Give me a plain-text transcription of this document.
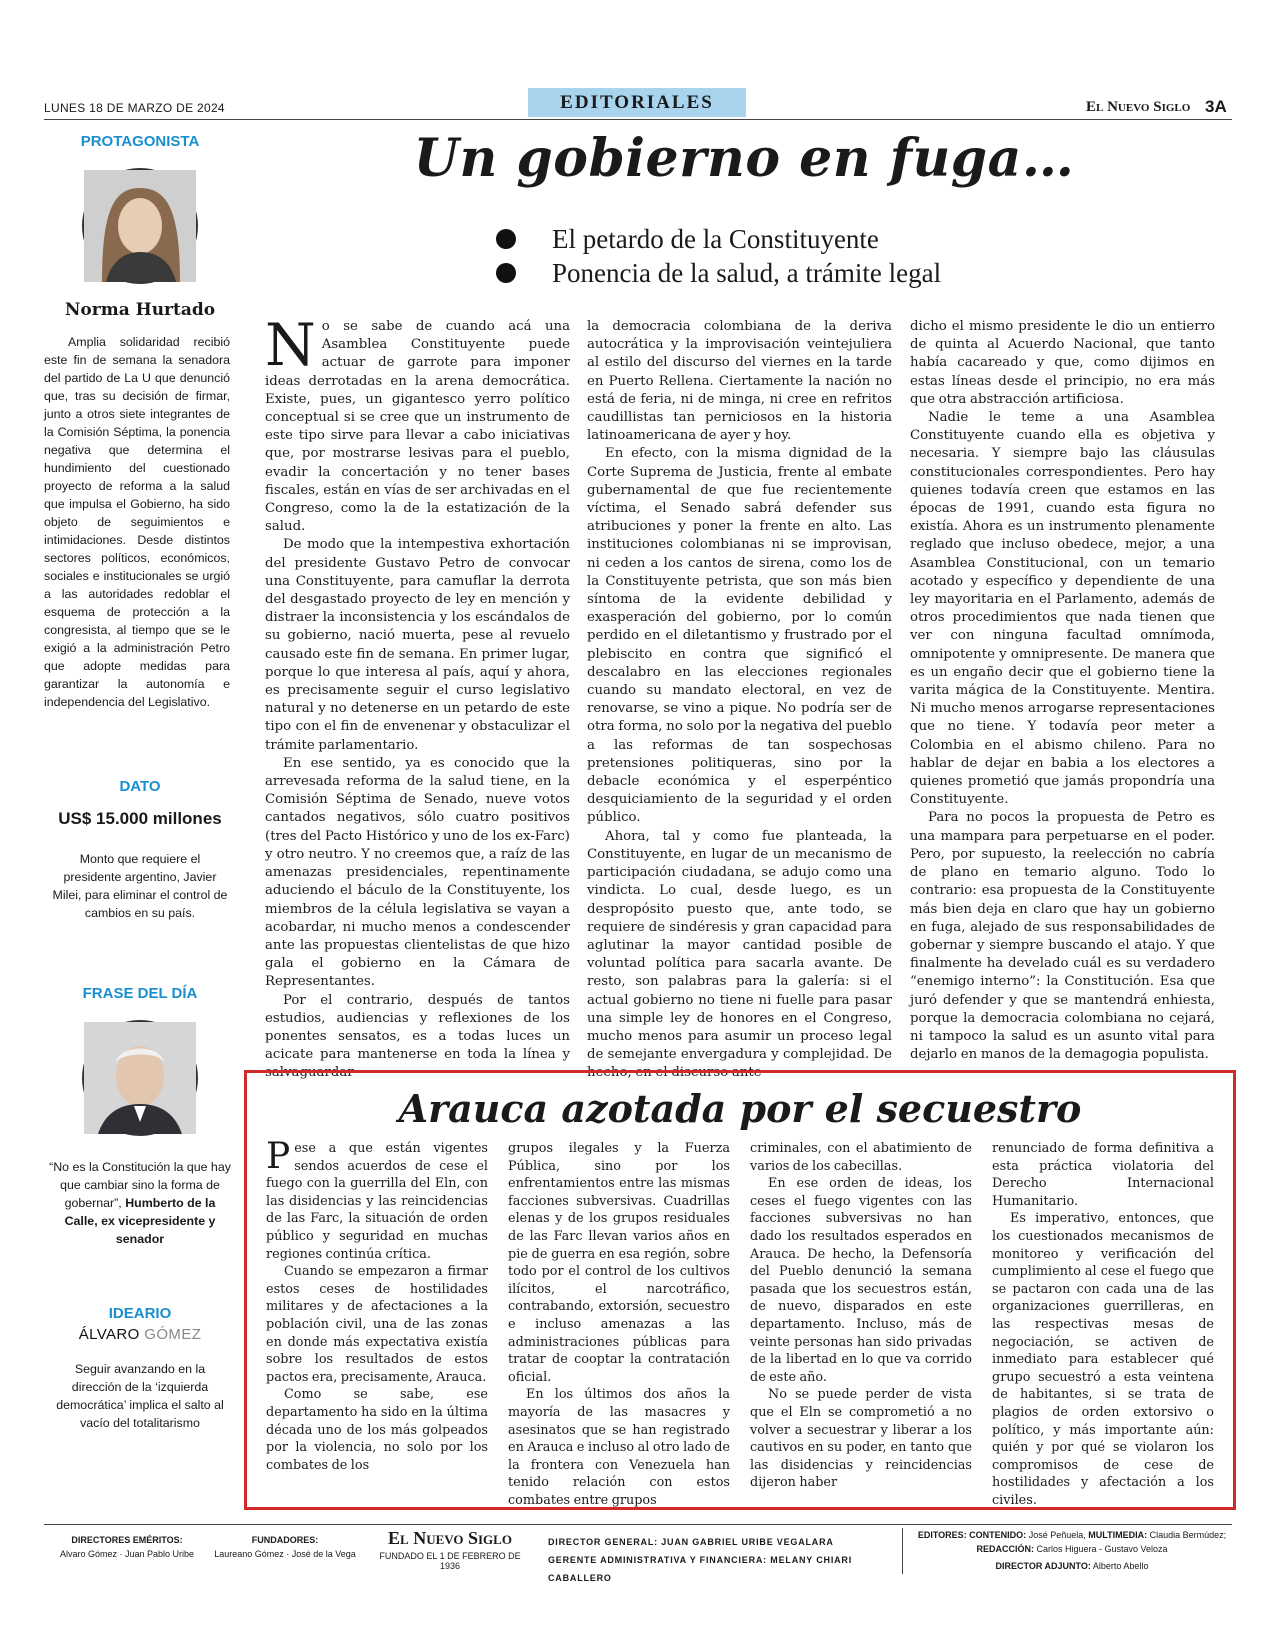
LUNES 18 DE MARZO DE 2024	EDITORIALES	El Nuevo Siglo 3A
PROTAGONISTA
Norma Hurtado
Amplia solidaridad recibió este fin de semana la senadora del partido de La U que denunció que, tras su decisión de firmar, junto a otros siete integrantes de la Comisión Séptima, la ponencia negativa que determina el hundimiento del cuestionado proyecto de reforma a la salud que impulsa el Gobierno, ha sido objeto de seguimientos e intimidaciones. Desde distintos sectores políticos, económicos, sociales e institucionales se urgió a las autoridades redoblar el esquema de protección a la congresista, al tiempo que se le exigió a la administración Petro que adopte medidas para garantizar la autonomía e independencia del Legislativo.
DATO
US$ 15.000 millones
Monto que requiere el presidente argentino, Javier Milei, para eliminar el control de cambios en su país.
FRASE DEL DÍA
“No es la Constitución la que hay que cambiar sino la forma de gobernar”, Humberto de la Calle, ex vicepresidente y senador
IDEARIO
ÁLVARO GÓMEZ
Seguir avanzando en la dirección de la ‘izquierda democrática’ implica el salto al vacío del totalitarismo
Un gobierno en fuga…
El petardo de la Constituyente
Ponencia de la salud, a trámite legal

No se sabe de cuando acá una Asamblea Constituyente puede actuar de garrote para imponer ideas derrotadas en la arena democrática. Existe, pues, un gigantesco yerro político conceptual si se cree que un instrumento de este tipo sirve para llevar a cabo iniciativas que, por mostrarse lesivas para el pueblo, evadir la concertación y no tener bases fiscales, están en vías de ser archivadas en el Congreso, como la de la estatización de la salud.

De modo que la intempestiva exhortación del presidente Gustavo Petro de convocar una Constituyente, para camuflar la derrota del desgastado proyecto de ley en mención y distraer la inconsistencia y los escándalos de su gobierno, nació muerta, pese al revuelo causado este fin de semana. En primer lugar, porque lo que interesa al país, aquí y ahora, es precisamente seguir el curso legislativo natural y no detenerse en un petardo de este tipo con el fin de envenenar y obstaculizar el trámite parlamentario.

En ese sentido, ya es conocido que la arrevesada reforma de la salud tiene, en la Comisión Séptima de Senado, nueve votos cantados negativos, sólo cuatro positivos (tres del Pacto Histórico y uno de los ex-Farc) y otro neutro. Y no creemos que, a raíz de las amenazas presidenciales, repentinamente aduciendo el báculo de la Constituyente, los miembros de la célula legislativa se vayan a acobardar, ni mucho menos a condescender ante las propuestas clientelistas de que hizo gala el gobierno en la Cámara de Representantes.

Por el contrario, después de tantos estudios, audiencias y reflexiones de los ponentes sensatos, es a todas luces un acicate para mantenerse en toda la línea y salvaguardar

la democracia colombiana de la deriva autocrática y la improvisación veintejuliera al estilo del discurso del viernes en la tarde en Puerto Rellena. Ciertamente la nación no está de feria, ni de minga, ni cree en refritos caudillistas tan perniciosos en la historia latinoamericana de ayer y hoy.

En efecto, con la misma dignidad de la Corte Suprema de Justicia, frente al embate gubernamental de que fue recientemente víctima, el Senado sabrá defender sus atribuciones y poner la frente en alto. Las instituciones colombianas ni se improvisan, ni ceden a los cantos de sirena, como los de la Constituyente petrista, que son más bien síntoma de la evidente debilidad y exasperación del gobierno, por lo común perdido en el diletantismo y frustrado por el plebiscito en contra que significó el descalabro en las elecciones regionales cuando su mandato electoral, en vez de renovarse, se vino a pique. No podría ser de otra forma, no solo por la negativa del pueblo a las reformas de tan sospechosas pretensiones politiqueras, sino por la debacle económica y el esperpéntico desquiciamiento de la seguridad y el orden público.

Ahora, tal y como fue planteada, la Constituyente, en lugar de un mecanismo de participación ciudadana, se adujo como una vindicta. Lo cual, desde luego, es un despropósito puesto que, ante todo, se requiere de sindéresis y gran capacidad para aglutinar la mayor cantidad posible de voluntad política para sacarla avante. De resto, son palabras para la galería: si el actual gobierno no tiene ni fuelle para pasar una simple ley de honores en el Congreso, mucho menos para asumir un proceso legal de semejante envergadura y complejidad. De hecho, en el discurso ante-

dicho el mismo presidente le dio un entierro de quinta al Acuerdo Nacional, que tanto había cacareado y que, como dijimos en estas líneas desde el principio, no era más que otra abstracción artificiosa.

Nadie le teme a una Asamblea Constituyente cuando ella es objetiva y necesaria. Y siempre bajo las cláusulas constitucionales correspondientes. Pero hay quienes todavía creen que estamos en las épocas de 1991, cuando esta figura no existía. Ahora es un instrumento plenamente reglado que incluso obedece, mejor, a una Asamblea Constitucional, con un temario acotado y específico y dependiente de una ley mayoritaria en el Parlamento, además de otros procedimientos que nada tienen que ver con ninguna facultad omnímoda, omnipotente y omnipresente. De manera que es un engaño decir que el gobierno tiene la varita mágica de la Constituyente. Mentira. Ni mucho menos arrogarse representaciones que no tiene. Y todavía peor meter a Colombia en el abismo chileno. Para no hablar de dejar en babia a los electores a quienes prometió que jamás propondría una Constituyente.

Para no pocos la propuesta de Petro es una mampara para perpetuarse en el poder. Pero, por supuesto, la reelección no cabría de plano en temario alguno. Todo lo contrario: esa propuesta de la Constituyente más bien deja en claro que hay un gobierno en fuga, alejado de sus responsabilidades de gobernar y siempre buscando el atajo. Y que finalmente ha develado cuál es su verdadero “enemigo interno”: la Constitución. Esa que juró defender y que se mantendrá enhiesta, porque la democracia colombiana no cejará, ni tampoco la salud es un asunto vital para dejarlo en manos de la demagogia populista.

Arauca azotada por el secuestro

Pese a que están vigentes sendos acuerdos de cese el fuego con la guerrilla del Eln, con las disidencias y las reincidencias de las Farc, la situación de orden público y seguridad en muchas regiones continúa crítica.

Cuando se empezaron a firmar estos ceses de hostilidades militares y de afectaciones a la población civil, una de las zonas en donde más expectativa existía sobre los resultados de estos pactos era, precisamente, Arauca.

Como se sabe, ese departamento ha sido en la última década uno de los más golpeados por la violencia, no solo por los combates de los

grupos ilegales y la Fuerza Pública, sino por los enfrentamientos entre las mismas facciones subversivas. Cuadrillas elenas y de los grupos residuales de las Farc llevan varios años en pie de guerra en esa región, sobre todo por el control de los cultivos ilícitos, el narcotráfico, contrabando, extorsión, secuestro e incluso amenazas a las administraciones públicas para tratar de cooptar la contratación oficial.

En los últimos dos años la mayoría de las masacres y asesinatos que se han registrado en Arauca e incluso al otro lado de la frontera con Venezuela han tenido relación con estos combates entre grupos

criminales, con el abatimiento de varios de los cabecillas.

En ese orden de ideas, los ceses el fuego vigentes con las facciones subversivas no han dado los resultados esperados en Arauca. De hecho, la Defensoría del Pueblo denunció la semana pasada que los secuestros están, de nuevo, disparados en este departamento. Incluso, más de veinte personas han sido privadas de la libertad en lo que va corrido de este año.

No se puede perder de vista que el Eln se comprometió a no volver a secuestrar y liberar a los cautivos en su poder, en tanto que las disidencias y reincidencias dijeron haber

renunciado de forma definitiva a esta práctica violatoria del Derecho Internacional Humanitario.

Es imperativo, entonces, que los cuestionados mecanismos de monitoreo y verificación del cumplimiento al cese el fuego que se pactaron con cada una de las organizaciones guerrilleras, en las respectivas mesas de negociación, se activen de inmediato para establecer qué grupo secuestró a esta veintena de habitantes, si se trata de plagios de orden extorsivo o político, y más importante aún: quién y por qué se violaron los compromisos de cese de hostilidades y afectación a los civiles.

DIRECTORES EMÉRITOS:
Alvaro Gómez · Juan Pablo Uribe
FUNDADORES:
Laureano Gómez · José de la Vega
El Nuevo Siglo
FUNDADO EL 1 DE FEBRERO DE 1936
DIRECTOR GENERAL: JUAN GABRIEL URIBE VEGALARA
GERENTE ADMINISTRATIVA Y FINANCIERA: MELANY CHIARI CABALLERO
EDITORES: CONTENIDO: José Peñuela, MULTIMEDIA: Claudia Bermúdez;
REDACCIÓN: Carlos Higuera - Gustavo Veloza
DIRECTOR ADJUNTO: Alberto Abello
